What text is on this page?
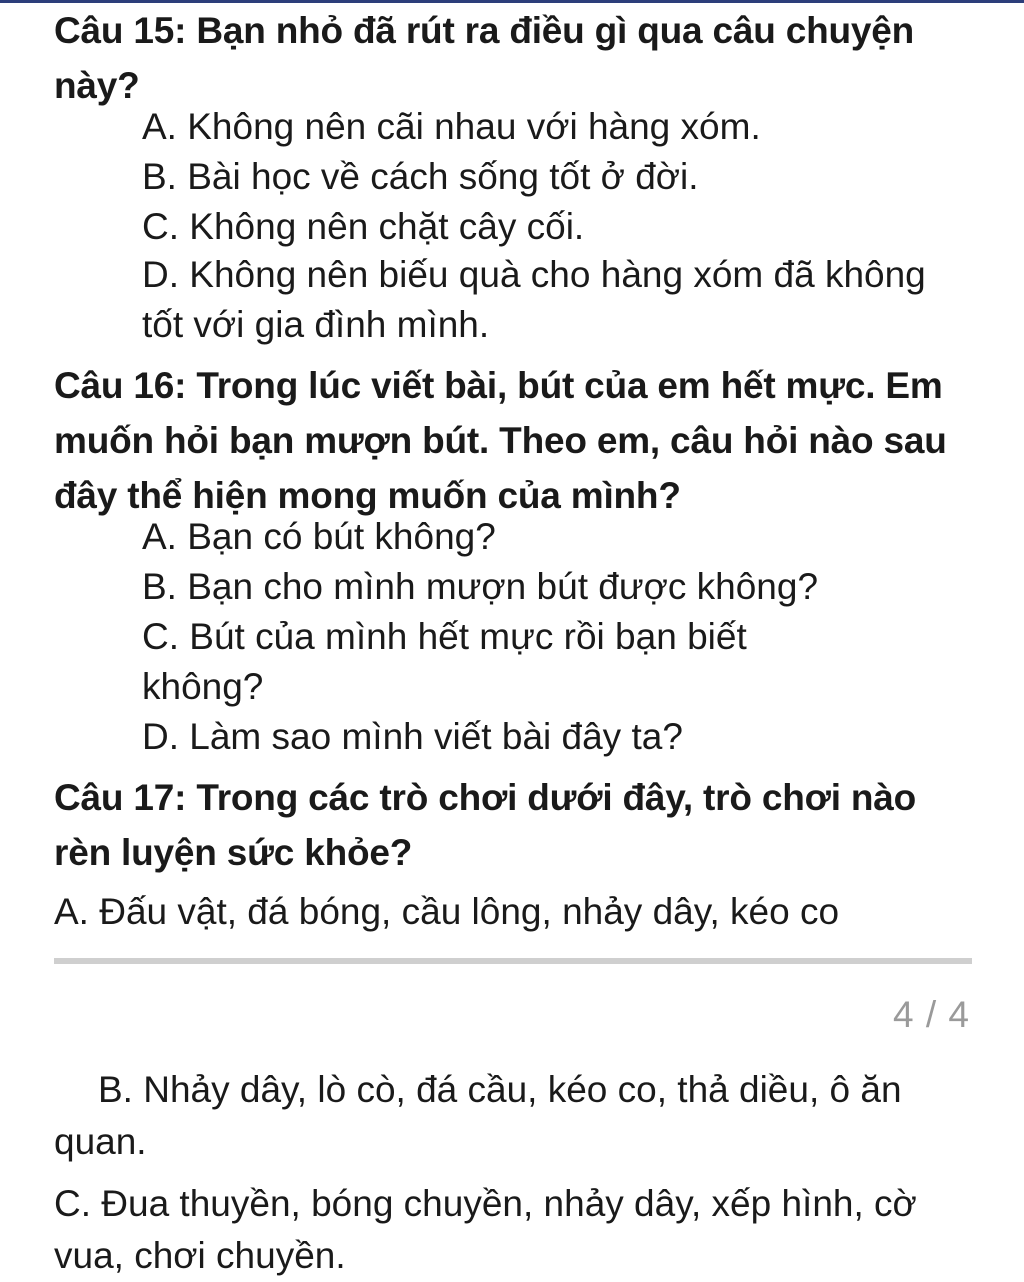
Câu 15: Bạn nhỏ đã rút ra điều gì qua câu chuyện này?
A. Không nên cãi nhau với hàng xóm.
B. Bài học về cách sống tốt ở đời.
C. Không nên chặt cây cối.
D. Không nên biếu quà cho hàng xóm đã không tốt với gia đình mình.
Câu 16: Trong lúc viết bài, bút của em hết mực. Em muốn hỏi bạn mượn bút. Theo em, câu hỏi nào sau đây thể hiện mong muốn của mình?
A. Bạn có bút không?
B. Bạn cho mình mượn bút được không?
C. Bút của mình hết mực rồi bạn biết không?
D. Làm sao mình viết bài đây ta?
Câu 17: Trong các trò chơi dưới đây, trò chơi nào rèn luyện sức khỏe?
A. Đấu vật, đá bóng, cầu lông, nhảy dây, kéo co
4 / 4
B. Nhảy dây, lò cò, đá cầu, kéo co, thả diều, ô ăn quan.
C. Đua thuyền, bóng chuyền, nhảy dây, xếp hình, cờ vua, chơi chuyền.
